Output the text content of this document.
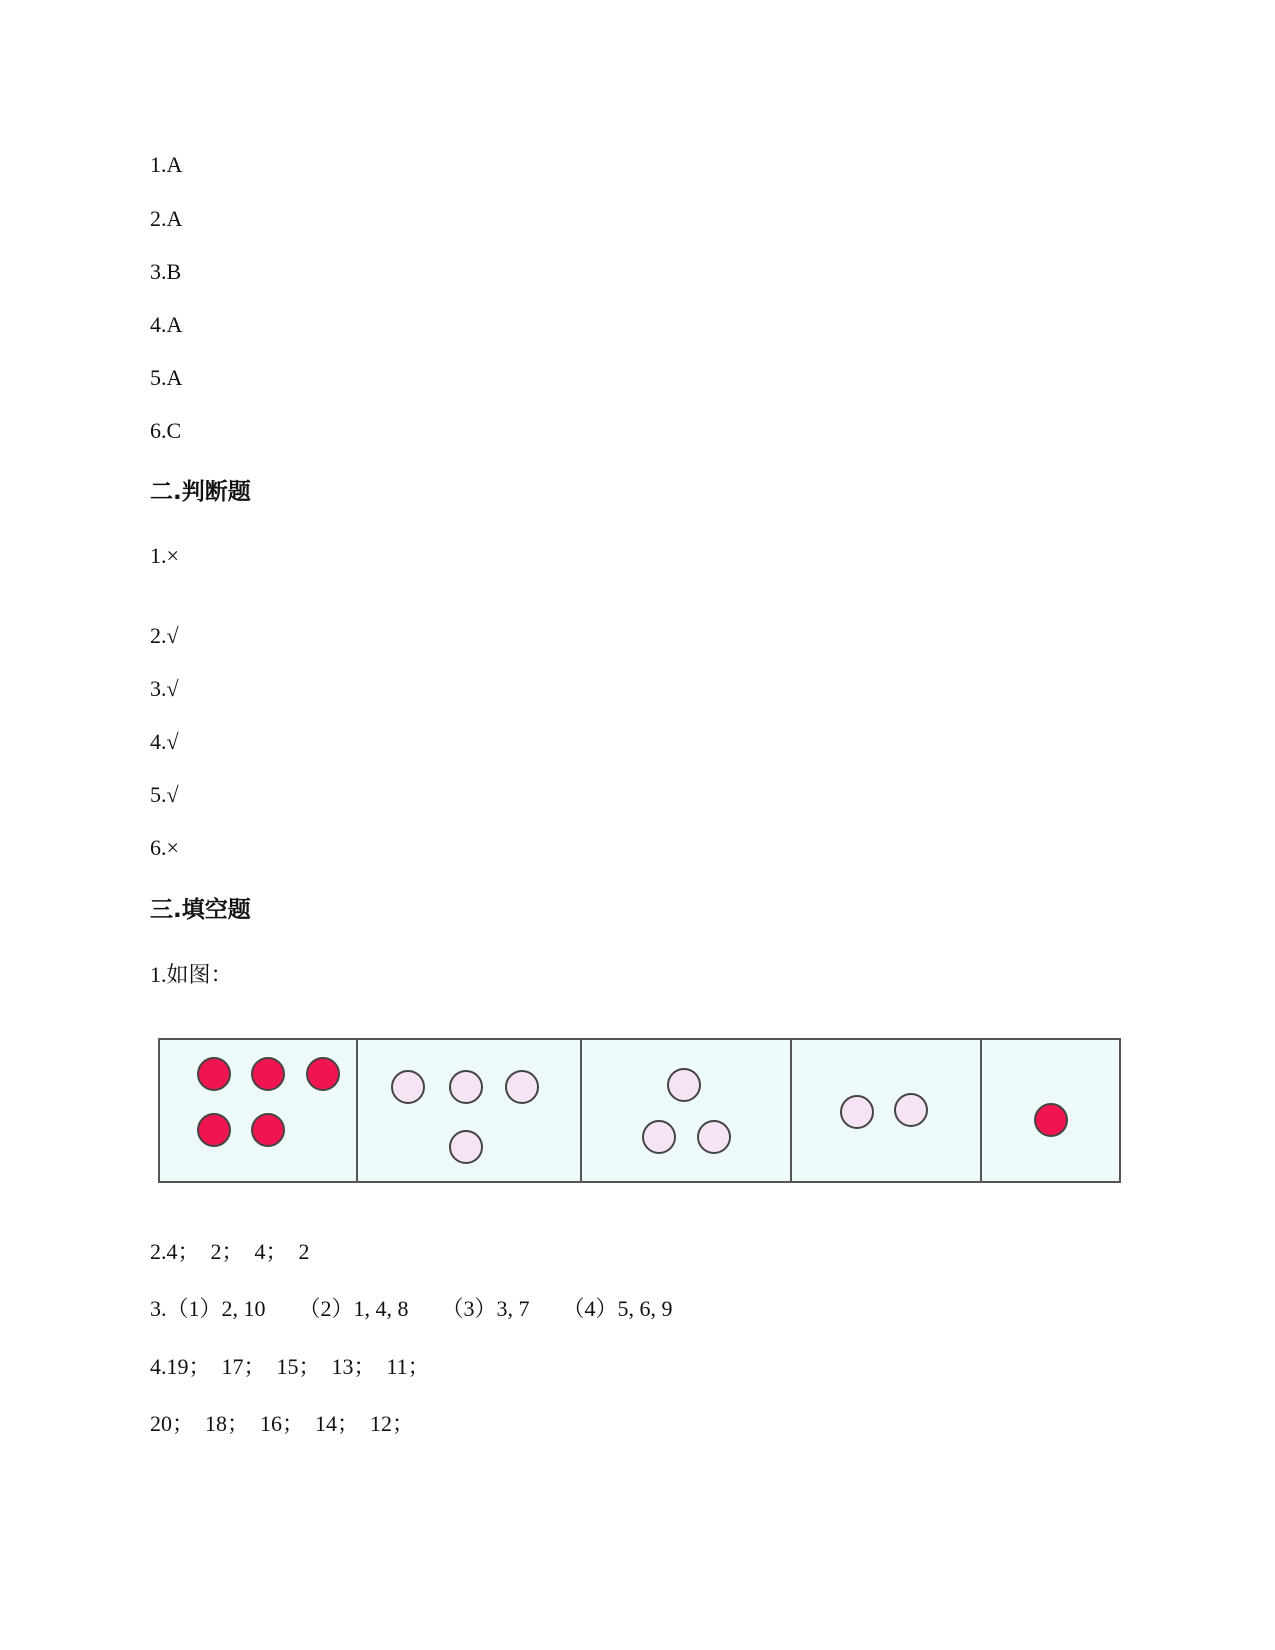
1.A
2.A
3.B
4.A
5.A
6.C
二.判断题
1.×
2.√
3.√
4.√
5.√
6.×
三.填空题
1.如图：
2.4；  2；  4；  2
3.（1）2, 10      （2）1, 4, 8      （3）3, 7      （4）5, 6, 9
4.19；  17；  15；  13；  11；
20；  18；  16；  14；  12；
